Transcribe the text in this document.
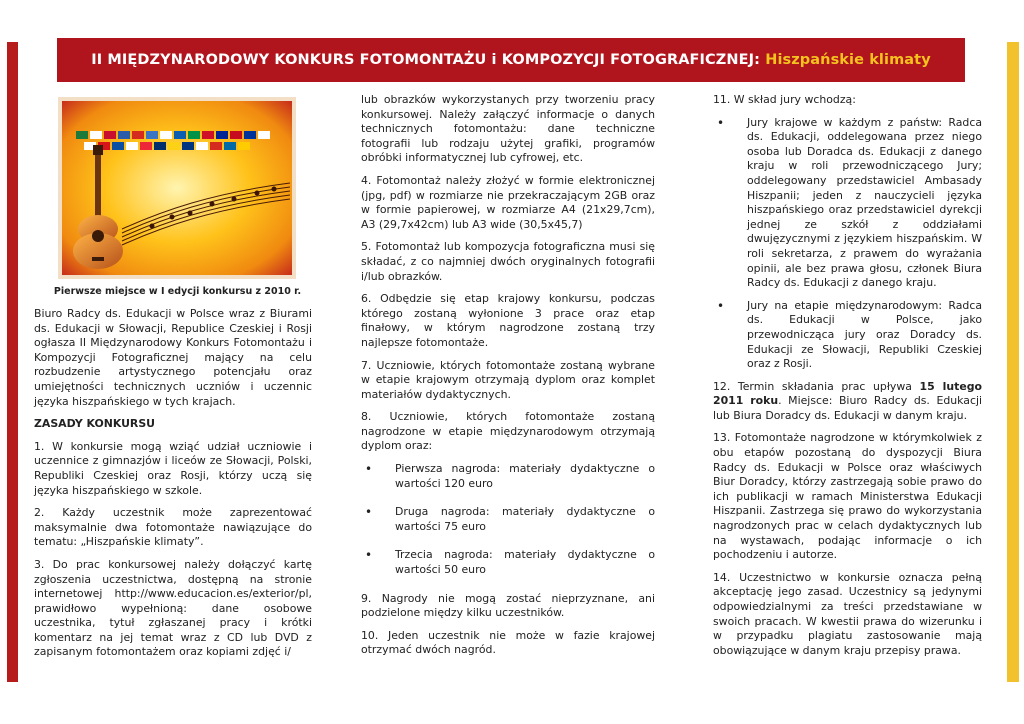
II MIĘDZYNARODOWY KONKURS FOTOMONTAŻU i KOMPOZYCJI FOTOGRAFICZNEJ: Hiszpańskie klimaty
Pierwsze miejsce w I edycji konkursu z 2010 r.

Biuro Radcy ds. Edukacji w Polsce wraz z Biurami ds. Edukacji w Słowacji, Republice Czeskiej i Rosji ogłasza II Międzynarodowy Konkurs Fotomontażu i Kompozycji Fotograficznej mający na celu rozbudzenie artystycznego potencjału oraz umiejętności technicznych uczniów i uczennic języka hiszpańskiego w tych krajach.

ZASADY KONKURSU

1. W konkursie mogą wziąć udział uczniowie i uczennice z gimnazjów i liceów ze Słowacji, Polski, Republiki Czeskiej oraz Rosji, którzy uczą się języka hiszpańskiego w szkole.

2. Każdy uczestnik może zaprezentować maksymalnie dwa fotomontaże nawiązujące do tematu: „Hiszpańskie klimaty”.

3. Do prac konkursowej należy dołączyć kartę zgłoszenia uczestnictwa, dostępną na stronie internetowej http://www.educacion.es/exterior/pl, prawidłowo wypełnioną: dane osobowe uczestnika, tytuł zgłaszanej pracy i krótki komentarz na jej temat wraz z CD lub DVD z zapisanym fotomontażem oraz kopiami zdjęć i/

lub obrazków wykorzystanych przy tworzeniu pracy konkursowej. Należy załączyć informacje o danych technicznych fotomontażu: dane techniczne fotografii lub rodzaju użytej grafiki, programów obróbki informatycznej lub cyfrowej, etc.

4. Fotomontaż należy złożyć w formie elektronicznej (jpg, pdf) w rozmiarze nie przekraczającym 2GB oraz w formie papierowej, w rozmiarze A4 (21x29,7cm), A3 (29,7x42cm) lub A3 wide (30,5x45,7)

5. Fotomontaż lub kompozycja fotograficzna musi się składać, z co najmniej dwóch oryginalnych fotografii i/lub obrazków.

6. Odbędzie się etap krajowy konkursu, podczas którego zostaną wyłonione 3 prace oraz etap finałowy, w którym nagrodzone zostaną trzy najlepsze fotomontaże.

7. Uczniowie, których fotomontaże zostaną wybrane w etapie krajowym otrzymają dyplom oraz komplet materiałów dydaktycznych.

8. Uczniowie, których fotomontaże zostaną nagrodzone w etapie międzynarodowym otrzymają dyplom oraz:

• Pierwsza nagroda: materiały dydaktyczne o wartości 120 euro
• Druga nagroda: materiały dydaktyczne o wartości 75 euro
• Trzecia nagroda: materiały dydaktyczne o wartości 50 euro

9. Nagrody nie mogą zostać nieprzyznane, ani podzielone między kilku uczestników.

10. Jeden uczestnik nie może w fazie krajowej otrzymać dwóch nagród.

11. W skład jury wchodzą:

• Jury krajowe w każdym z państw: Radca ds. Edukacji, oddelegowana przez niego osoba lub Doradca ds. Edukacji z danego kraju w roli przewodniczącego Jury; oddelegowany przedstawiciel Ambasady Hiszpanii; jeden z nauczycieli języka hiszpańskiego oraz przedstawiciel dyrekcji jednej ze szkół z oddziałami dwujęzycznymi z językiem hiszpańskim. W roli sekretarza, z prawem do wyrażania opinii, ale bez prawa głosu, członek Biura Radcy ds. Edukacji z danego kraju.
• Jury na etapie międzynarodowym: Radca ds. Edukacji w Polsce, jako przewodnicząca jury oraz Doradcy ds. Edukacji ze Słowacji, Republiki Czeskiej oraz z Rosji.

12. Termin składania prac upływa 15 lutego 2011 roku. Miejsce: Biuro Radcy ds. Edukacji lub Biura Doradcy ds. Edukacji w danym kraju.

13. Fotomontaże nagrodzone w którymkolwiek z obu etapów pozostaną do dyspozycji Biura Radcy ds. Edukacji w Polsce oraz właściwych Biur Doradcy, którzy zastrzegają sobie prawo do ich publikacji w ramach Ministerstwa Edukacji Hiszpanii. Zastrzega się prawo do wykorzystania nagrodzonych prac w celach dydaktycznych lub na wystawach, podając informacje o ich pochodzeniu i autorze.

14. Uczestnictwo w konkursie oznacza pełną akceptację jego zasad. Uczestnicy są jedynymi odpowiedzialnymi za treści przedstawiane w swoich pracach. W kwestii prawa do wizerunku i w przypadku plagiatu zastosowanie mają obowiązujące w danym kraju przepisy prawa.
